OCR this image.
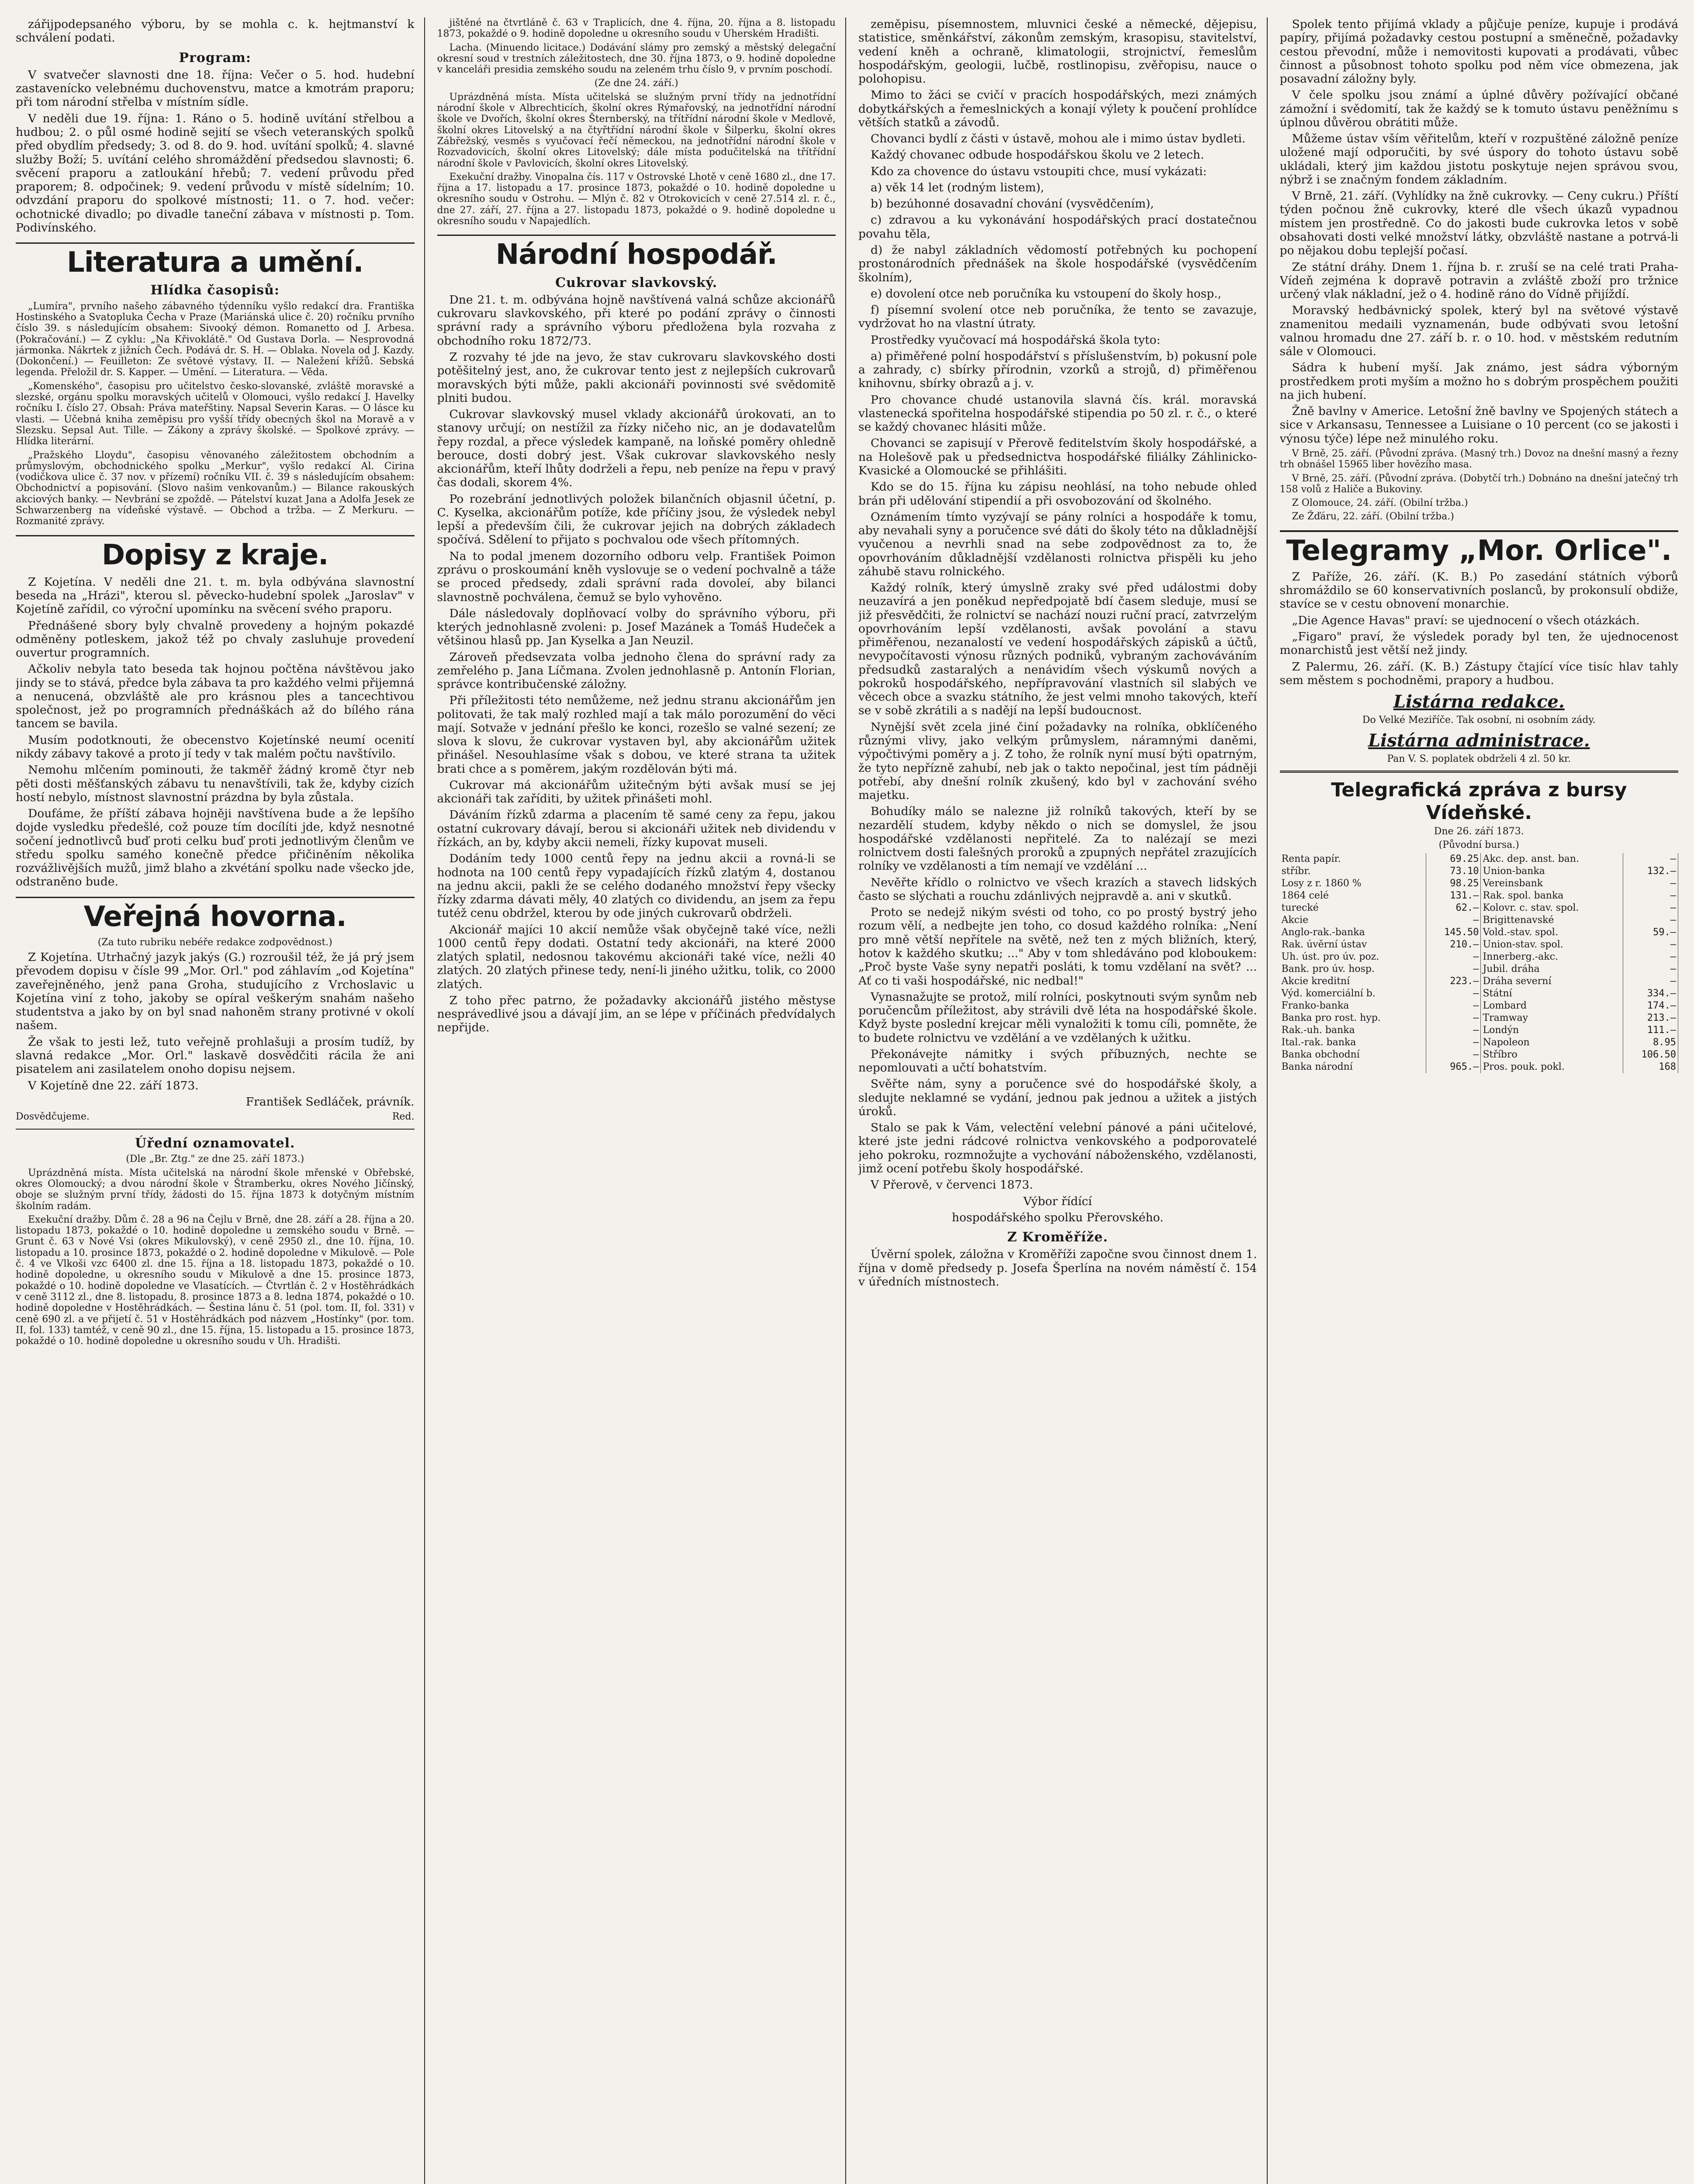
zářijpodepsaného výboru, by se mohla c. k. hejtmanství k schválení podati.

Program:

V svatvečer slavnosti dne 18. října: Večer o 5. hod. hudební zastavenícko velebnému duchovenstvu, matce a kmotrám praporu; při tom národní střelba v místním sídle.

V neděli due 19. října: 1. Ráno o 5. hodině uvítání střelbou a hudbou; 2. o půl osmé hodině sejití se všech veteranských spolků před obydlím předsedy; 3. od 8. do 9. hod. uvítání spolků; 4. slavné služby Boží; 5. uvítání celého shromáždění předsedou slavnosti; 6. svěcení praporu a zatloukání hřebů; 7. vedení průvodu před praporem; 8. odpočinek; 9. vedení průvodu v místě sídelním; 10. odvzdání praporu do spolkové místnosti; 11. o 7. hod. večer: ochotnické divadlo; po divadle taneční zábava v místnosti p. Tom. Podivínského.

Literatura a umění.
Hlídka časopisů:

„Lumíra", prvního našeho zábavného týdenníku vyšlo redakcí dra. Františka Hostinského a Svatopluka Čecha v Praze (Mariánská ulice č. 20) ročníku prvního číslo 39. s následujícím obsahem: Sivooký démon. Romanetto od J. Arbesa. (Pokračování.) — Z cyklu: „Na Křivoklátě." Od Gustava Dorla. — Nesprovodná jármonka. Nákrtek z jižních Čech. Podává dr. S. H. — Oblaka. Novela od J. Kazdy. (Dokončení.) — Feuilleton: Ze světové výstavy. II. — Naležení křížů. Sebská legenda. Přeložil dr. S. Kapper. — Umění. — Literatura. — Věda.

„Komenského", časopisu pro učitelstvo česko-slovanské, zvláště moravské a slezské, orgánu spolku moravských učitelů v Olomouci, vyšlo redakcí J. Havelky ročníku I. číslo 27. Obsah: Práva mateřštiny. Napsal Severin Karas. — O lásce ku vlasti. — Učebná kniha zeměpisu pro vyšší třídy obecných škol na Moravě a v Slezsku. Sepsal Aut. Tille. — Zákony a zprávy školské. — Spolkové zprávy. — Hlídka literární.

„Pražského Lloydu", časopisu věnovaného záležitostem obchodním a průmyslovým, obchodnického spolku „Merkur", vyšlo redakcí Al. Cirina (vodičkova ulice č. 37 nov. v přízemí) ročníku VII. č. 39 s následujícím obsahem: Obchodnictví a popisování. (Slovo našim venkovanům.) — Bilance rakouských akciových banky. — Nevbrání se zpoždě. — Pátelství kuzat Jana a Adolfa Jesek ze Schwarzenberg na vídeňské výstavě. — Obchod a tržba. — Z Merkuru. — Rozmanité zprávy.

Dopisy z kraje.

Z Kojetína. V neděli dne 21. t. m. byla odbývána slavnostní beseda na „Hrázi", kterou sl. pěvecko-hudební spolek „Jaroslav" v Kojetíně zařídil, co výroční upomínku na svěcení svého praporu.

Přednášené sbory byly chvalně provedeny a hojným pokazdé odměněny potleskem, jakož též po chvaly zasluhuje provedení ouvertur programních.

Ačkoliv nebyla tato beseda tak hojnou počtěna návštěvou jako jindy se to stává, předce byla zábava ta pro každého velmi přijemná a nenucená, obzvláště ale pro krásnou ples a tancechtivou společnost, jež po programních přednáškách až do bílého rána tancem se bavila.

Musím podotknouti, že obecenstvo Kojetínské neumí ocenití nikdy zábavy takové a proto jí tedy v tak malém počtu navštívilo.

Nemohu mlčením pominouti, že takměř žádný kromě čtyr neb pěti dosti měšťanských zábavu tu nenavštívili, tak že, kdyby cizích hostí nebylo, místnost slavnostní prázdna by byla zůstala.

Doufáme, že příští zábava hojněji navštívena bude a že lepšího dojde vysledku předešlé, což pouze tím docílíti jde, když nesnotné sočení jednotlivců buď proti celku buď proti jednotlivým členům ve středu spolku samého konečně předce přičiněním několika rozvážlivějších mužů, jimž blaho a zkvétání spolku nade všecko jde, odstraněno bude.

Veřejná hovorna.

(Za tuto rubriku nebéře redakce zodpovědnost.)

Z Kojetína. Utrhačný jazyk jakýs (G.) rozroušil též, že já prý jsem převodem dopisu v čísle 99 „Mor. Orl." pod záhlavím „od Kojetína" zaveřejněného, jenž pana Groha, studujícího z Vrchoslavic u Kojetína viní z toho, jakoby se opíral veškerým snahám našeho studentstva a jako by on byl snad nahoněm strany protivné v okolí našem.

Že však to jesti lež, tuto veřejně prohlašuji a prosím tudíž, by slavná redakce „Mor. Orl." laskavě dosvědčiti rácila že ani pisatelem ani zasilatelem onoho dopisu nejsem.

V Kojetíně dne 22. září 1873.

František Sedláček, právník.

Dosvědčujeme.	Red.
Úřední oznamovatel.

(Dle „Br. Ztg." ze dne 25. září 1873.)

Uprázdněná místa. Místa učitelská na národní škole mřenské v Obřebské, okres Olomoucký; a dvou národní škole v Štramberku, okres Nového Jičínský, oboje se služným první třídy, žádosti do 15. října 1873 k dotyčným místním školním radám.

Exekuční dražby. Dům č. 28 a 96 na Čejlu v Brně, dne 28. září a 28. října a 20. listopadu 1873, pokaždé o 10. hodině dopoledne u zemského soudu v Brně. — Grunt č. 63 v Nové Vsi (okres Mikulovský), v ceně 2950 zl., dne 10. října, 10. listopadu a 10. prosince 1873, pokaždé o 2. hodině dopoledne v Mikulově. — Pole č. 4 ve Vlkoši vzc 6400 zl. dne 15. října a 18. listopadu 1873, pokaždé o 10. hodině dopoledne, u okresního soudu v Mikulově a dne 15. prosince 1873, pokaždé o 10. hodině dopoledne ve Vlasatících. — Čtvrtlán č. 2 v Hostěhrádkách v ceně 3112 zl., dne 8. listopadu, 8. prosince 1873 a 8. ledna 1874, pokaždé o 10. hodině dopoledne v Hostěhrádkách. — Šestina lánu č. 51 (pol. tom. II, fol. 331) v ceně 690 zl. a ve přijetí č. 51 v Hostěhrádkách pod názvem „Hostínky" (por. tom. II, fol. 133) tamtéž, v ceně 90 zl., dne 15. října, 15. listopadu a 15. prosince 1873, pokaždé o 10. hodině dopoledne u okresního soudu v Uh. Hradišti.

jištěné na čtvrtláně č. 63 v Traplicích, dne 4. října, 20. října a 8. listopadu 1873, pokaždé o 9. hodině dopoledne u okresního soudu v Uherském Hradišti.

Lacha. (Minuendo licitace.) Dodávání slámy pro zemský a městský delegační okresní soud v trestních záležitostech, dne 30. října 1873, o 9. hodině dopoledne v kanceláři presidia zemského soudu na zeleném trhu číslo 9, v prvním poschodí.

(Ze dne 24. září.)

Uprázdněná místa. Místa učitelská se služným první třídy na jednotřídní národní škole v Albrechticích, školní okres Rýmařovský, na jednotřídní národní škole ve Dvořích, školní okres Šternberský, na třítřídní národní škole v Medlově, školní okres Litovelský a na čtyřtřídní národní škole v Šilperku, školní okres Zábřežský, vesměs s vyučovací řečí německou, na jednotřídní národní škole v Rozvadovicích, školní okres Litovelský; dále místa podučitelská na třítřídní národní škole v Pavlovicích, školní okres Litovelský.

Exekuční dražby. Vinopalna čís. 117 v Ostrovské Lhotě v ceně 1680 zl., dne 17. října a 17. listopadu a 17. prosince 1873, pokaždé o 10. hodině dopoledne u okresního soudu v Ostrohu. — Mlýn č. 82 v Otrokovicích v ceně 27.514 zl. r. č., dne 27. září, 27. října a 27. listopadu 1873, pokaždé o 9. hodině dopoledne u okresního soudu v Napajedlích.

Národní hospodář.
Cukrovar slavkovský.

Dne 21. t. m. odbývána hojně navštívená valná schůze akcionářů cukrovaru slavkovského, při které po podání zprávy o činnosti správní rady a správního výboru předložena byla rozvaha z obchodního roku 1872/73.

Z rozvahy té jde na jevo, že stav cukrovaru slavkovského dosti potěšitelný jest, ano, že cukrovar tento jest z nejlepších cukrovarů moravských býti může, pakli akcionáři povinnosti své svědomitě plniti budou.

Cukrovar slavkovský musel vklady akcionářů úrokovati, an to stanovy určují; on nestížil za řízky ničeho nic, an je dodavatelům řepy rozdal, a přece výsledek kampaně, na loňské poměry ohledně berouce, dosti dobrý jest. Však cukrovar slavkovského nesly akcionářům, kteří lhůty dodrželi a řepu, neb peníze na řepu v pravý čas dodali, skorem 4%.

Po rozebrání jednotlivých položek bilančních objasnil účetní, p. C. Kyselka, akcionářům potíže, kde příčiny jsou, že výsledek nebyl lepší a především čili, že cukrovar jejich na dobrých základech spočívá. Sdělení to přijato s pochvalou ode všech přítomných.

Na to podal jmenem dozorního odboru velp. František Poimon zprávu o proskoumání kněh vyslovuje se o vedení pochvalně a táže se proced předsedy, zdali správní rada dovoleí, aby bilanci slavnostně pochválena, čemuž se bylo vyhověno.

Dále následovaly doplňovací volby do správního výboru, při kterých jednohlasně zvoleni: p. Josef Mazánek a Tomáš Hudeček a většinou hlasů pp. Jan Kyselka a Jan Neuzil.

Zároveň předsevzata volba jednoho člena do správní rady za zemřelého p. Jana Líčmana. Zvolen jednohlasně p. Antonín Florian, správce kontribučenské záložny.

Při příležitosti této nemůžeme, než jednu stranu akcionářům jen politovati, že tak malý rozhled mají a tak málo porozumění do věci mají. Sotvaže v jednání přešlo ke konci, rozešlo se valné sezení; ze slova k slovu, že cukrovar vystaven byl, aby akcionářům užitek přinášel. Nesouhlasíme však s dobou, ve které strana ta užitek brati chce a s poměrem, jakým rozdělován býti má.

Cukrovar má akcionářům užitečným býti avšak musí se jej akcionáři tak zaříditi, by užitek přinášeti mohl.

Dáváním řízků zdarma a placením tě samé ceny za řepu, jakou ostatní cukrovary dávají, berou si akcionáři užitek neb dividendu v řízkách, an by, kdyby akcii nemeli, řízky kupovat museli.

Dodáním tedy 1000 centů řepy na jednu akcii a rovná-li se hodnota na 100 centů řepy vypadajících řízků zlatým 4, dostanou na jednu akcii, pakli že se celého dodaného množství řepy všecky řízky zdarma dávati měly, 40 zlatých co dividendu, an jsem za řepu tutéž cenu obdržel, kterou by ode jiných cukrovarů obdrželi.

Akcionář majíci 10 akcií nemůže však obyčejně také více, nežli 1000 centů řepy dodati. Ostatní tedy akcionáři, na které 2000 zlatých splatil, nedosnou takovému akcionáři také více, nežli 40 zlatých. 20 zlatých přinese tedy, není-li jiného užitku, tolik, co 2000 zlatých.

Z toho přec patrno, že požadavky akcionářů jistého městyse nesprávedlivé jsou a dávají jim, an se lépe v příčinách předvídalych nepřijde.

zeměpisu, písemnostem, mluvnici české a německé, dějepisu, statistice, směnkářství, zákonům zemským, krasopisu, stavitelství, vedení kněh a ochraně, klimatologii, strojnictví, řemeslům hospodářským, geologii, lučbě, rostlinopisu, zvěřopisu, nauce o polohopisu.

Mimo to žáci se cvičí v pracích hospodářských, mezi známých dobytkářských a řemeslnických a konají výlety k poučení prohlídce větších statků a závodů.

Chovanci bydlí z části v ústavě, mohou ale i mimo ústav bydleti.

Každý chovanec odbude hospodářskou školu ve 2 letech.

Kdo za chovence do ústavu vstoupiti chce, musí vykázati:

a) věk 14 let (rodným listem),

b) bezúhonné dosavadní chování (vysvědčením),

c) zdravou a ku vykonávání hospodářských prací dostatečnou povahu těla,

d) že nabyl základních vědomostí potřebných ku pochopení prostonárodních přednášek na škole hospodářské (vysvědčením školním),

e) dovolení otce neb poručníka ku vstoupení do školy hosp.,

f) písemní svolení otce neb poručníka, že tento se zavazuje, vydržovat ho na vlastní útraty.

Prostředky vyučovací má hospodářská škola tyto:

a) přiměřené polní hospodářství s příslušenstvím, b) pokusní pole a zahrady, c) sbírky přírodnin, vzorků a strojů, d) přiměřenou knihovnu, sbírky obrazů a j. v.

Pro chovance chudé ustanovila slavná čís. král. moravská vlastenecká spořitelna hospodářské stipendia po 50 zl. r. č., o které se každý chovanec hlásiti může.

Chovanci se zapisují v Přerově feditelstvím školy hospodářské, a na Holešově pak u předsednictva hospodářské filiálky Záhlinicko-Kvasické a Olomoucké se přihlášiti.

Kdo se do 15. října ku zápisu neohlásí, na toho nebude ohled brán při udělování stipendií a při osvobozování od školného.

Oznámením tímto vyzývají se pány rolníci a hospodáře k tomu, aby nevahali syny a poručence své dáti do školy této na důkladnější vyučenou a nevrhli snad na sebe zodpovědnost za to, že opovrhováním důkladnější vzdělanosti rolnictva přispěli ku jeho záhubě stavu rolnického.

Každý rolník, který úmyslně zraky své před událostmi doby neuzavírá a jen poněkud nepředpojatě bdí časem sleduje, musí se již přesvědčiti, že rolnictví se nachází nouzi ruční prací, zatvrzelým opovrhováním lepší vzdělanosti, avšak povolání a stavu přiměřenou, nezanalostí ve vedení hospodářských zápisků a účtů, nevypočítavosti výnosu různých podniků, vybraným zachováváním předsudků zastaralých a nenávidím všech výskumů nových a pokroků hospodářského, nepřípravování vlastních sil slabých ve věcech obce a svazku státního, že jest velmi mnoho takových, kteří se v sobě zkrátili a s nadějí na lepší budoucnost.

Nynější svět zcela jiné činí požadavky na rolníka, obklíčeného různými vlivy, jako velkým průmyslem, náramnými daněmi, výpočtivými poměry a j. Z toho, že rolník nyní musí býti opatrným, že tyto nepřízně zahubí, neb jak o takto nepočinal, jest tím pádněji potřebí, aby dnešní rolník zkušený, kdo byl v zachování svého majetku.

Bohudíky málo se nalezne již rolníků takových, kteří by se nezardělí studem, kdyby někdo o nich se domyslel, že jsou hospodářské vzdělanosti nepřitelé. Za to nalézají se mezi rolnictvem dosti falešných proroků a zpupných nepřátel zrazujících rolníky ve vzdělanosti a tím nemají ve vzdělání ...

Nevěřte křídlo o rolnictvo ve všech krazích a stavech lidských často se slýchati a rouchu zdánlivých nejpravdě a. ani v skutků.

Proto se nedejž nikým svésti od toho, co po prostý bystrý jeho rozum vělí, a nedbejte jen toho, co dosud každého rolníka: „Není pro mně větší nepřítele na světě, než ten z mých bližních, který, hotov k každého skutku; ..." Aby v tom shledáváno pod kloboukem: „Proč byste Vaše syny nepatři posláti, k tomu vzdělaní na svět? ... Ať co ti vaši hospodářské, nic nedbal!"

Vynasnažujte se protož, milí rolníci, poskytnouti svým synům neb poručencům příležitost, aby strávili dvě léta na hospodářské škole. Když byste poslední krejcar měli vynaložiti k tomu cíli, pomněte, že to budete rolnictvu ve vzdělání a ve vzdělaných k užitku.

Překonávejte námitky i svých příbuzných, nechte se nepomlouvati a učtí bohatstvím.

Svěřte nám, syny a poručence své do hospodářské školy, a sledujte neklamné se vydání, jednou pak jednou a užitek a jistých úroků.

Stalo se pak k Vám, velectění velební pánové a páni učitelové, které jste jedni rádcové rolnictva venkovského a podporovatelé jeho pokroku, rozmnožujte a vychování náboženského, vzdělanosti, jimž ocení potřebu školy hospodářské.

V Přerově, v červenci 1873.

Výbor řídící

hospodářského spolku Přerovského.

Z Kroměříže.

Úvěrní spolek, záložna v Kroměříži započne svou činnost dnem 1. října v domě předsedy p. Josefa Šperlína na novém náměstí č. 154 v úředních místnostech.

Spolek tento přijímá vklady a půjčuje peníze, kupuje i prodává papíry, přijímá požadavky cestou postupní a směnečně, požadavky cestou převodní, může i nemovitosti kupovati a prodávati, vůbec činnost a působnost tohoto spolku pod něm více obmezena, jak posavadní záložny byly.

V čele spolku jsou známí a úplné důvěry požívající občané zámožní i svědomití, tak že každý se k tomuto ústavu peněžnímu s úplnou důvěrou obrátiti může.

Můžeme ústav vším věřitelům, kteří v rozpuštěné záložně peníze uložené mají odporučiti, by své úspory do tohoto ústavu sobě ukládali, který jim každou jistotu poskytuje nejen správou svou, nýbrž i se značným fondem základním.

V Brně, 21. září. (Vyhlídky na žně cukrovky. — Ceny cukru.) Příští týden počnou žně cukrovky, které dle všech úkazů vypadnou místem jen prostředně. Co do jakosti bude cukrovka letos v sobě obsahovati dosti velké množství látky, obzvláště nastane a potrvá-li po nějakou dobu teplejší počasí.

Ze státní dráhy. Dnem 1. října b. r. zruší se na celé trati Praha-Vídeň zejména k dopravě potravin a zvláště zboží pro tržnice určený vlak nákladní, jež o 4. hodině ráno do Vídně přijíždí.

Moravský hedbávnický spolek, který byl na světové výstavě znamenitou medaili vyznamenán, bude odbývati svou letošní valnou hromadu dne 27. září b. r. o 10. hod. v městském redutním sále v Olomouci.

Sádra k hubení myší. Jak známo, jest sádra výborným prostředkem proti myším a možno ho s dobrým prospěchem použiti na jich hubení.

Žně bavlny v Americe. Letošní žně bavlny ve Spojených státech a sice v Arkansasu, Tennessee a Luisiane o 10 percent (co se jakosti i výnosu týče) lépe než minulého roku.

V Brně, 25. září. (Původní zpráva. (Masný trh.) Dovoz na dnešní masný a řezny trh obnášel 15965 liber hovězího masa.

V Brně, 25. září. (Původní zpráva. (Dobytčí trh.) Dobnáno na dnešní jatečný trh 158 volů z Haliče a Bukoviny.

Z Olomouce, 24. září. (Obilní tržba.)

Ze Žďáru, 22. září. (Obilní tržba.)

Telegramy „Mor. Orlice".

Z Paříže, 26. září. (K. B.) Po zasedání státních výborů shromáždilo se 60 konservativních poslanců, by prokonsulí obdiže, stavíce se v cestu obnovení monarchie.

„Die Agence Havas" praví: se ujednocení o všech otázkách.

„Figaro" praví, že výsledek porady byl ten, že ujednocenost monarchistů jest větší než jindy.

Z Palermu, 26. září. (K. B.) Zástupy čtající více tisíc hlav tahly sem městem s pochodněmi, prapory a hudbou.

Listárna redakce.

Do Velké Meziříče. Tak osobní, ni osobním zády.

Listárna administrace.

Pan V. S. poplatek obdrželi 4 zl. 50 kr.

Telegrafická zpráva z bursy Vídeňské.

Dne 26. září 1873.

(Původní bursa.)

Renta papír.	69.25	Akc. dep. anst. ban.	—
stříbr.	73.10	Union-banka	132.—
Losy z r. 1860 %	98.25	Vereinsbank	—
1864 celé	131.—	Rak. spol. banka	—
turecké	62.—	Kolovr. c. stav. spol.	—
Akcie	—	Brigittenavské	—
Anglo-rak.-banka	145.50	Vold.-stav. spol.	59.—
Rak. úvěrní ústav	210.—	Union-stav. spol.	—
Uh. úst. pro úv. poz.	—	Innerberg.-akc.	—
Bank. pro úv. hosp.	—	Jubil. dráha	—
Akcie kreditní	223.—	Dráha severní	—
Výd. komerciální b.	—	Státní	334.—
Franko-banka	—	Lombard	174.—
Banka pro rost. hyp.	—	Tramway	213.—
Rak.-uh. banka	—	Londýn	111.—
Ital.-rak. banka	—	Napoleon	8.95
Banka obchodní	—	Stříbro	106.50
Banka národní	965.—	Pros. pouk. pokl.	168
